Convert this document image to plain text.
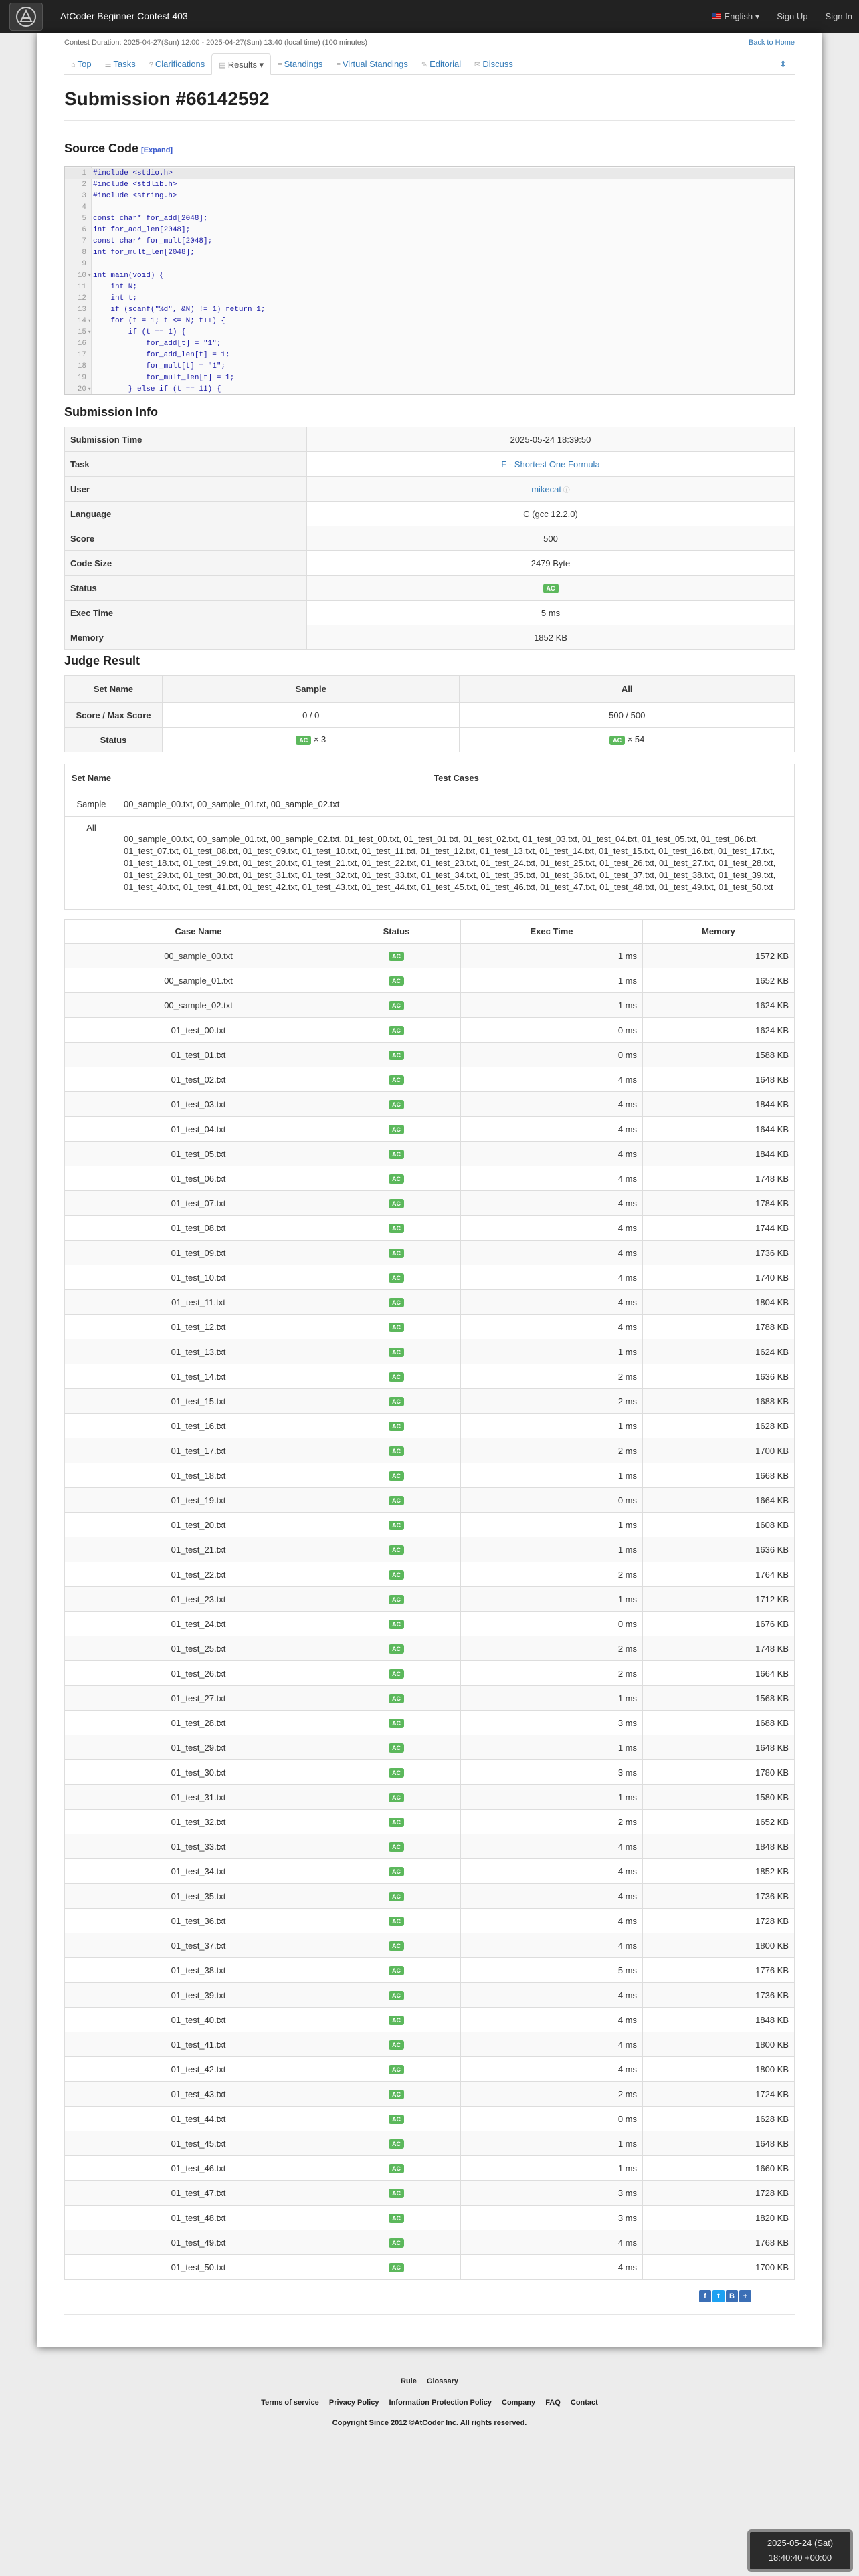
AtCoder Beginner Contest 403	English ▾ Sign Up Sign In
Contest Duration: 2025-04-27(Sun) 12:00 - 2025-04-27(Sun) 13:40 (local time) (100 minutes)	Back to Home
⌂ Top	☰ Tasks	? Clarifications	▤ Results ▾	≡ Standings	≡ Virtual Standings	✎ Editorial	✉ Discuss	⇕
Submission #66142592
Source Code [Expand]
1 #include <stdio.h>
2 #include <stdlib.h>
3 #include <string.h>
4
5 const char* for_add[2048];
6 int for_add_len[2048];
7 const char* for_mult[2048];
8 int for_mult_len[2048];
9
10 ▾ int main(void) {
11 int N;
12 int t;
13 if (scanf("%d", &N) != 1) return 1;
14 ▾ for (t = 1; t <= N; t++) {
15 ▾ if (t == 1) {
16 for_add[t] = "1";
17 for_add_len[t] = 1;
18 for_mult[t] = "1";
19 for_mult_len[t] = 1;
20 ▾ } else if (t == 11) {
Submission Info
Submission Time	2025-05-24 18:39:50
Task	F - Shortest One Formula
User	mikecat ⓘ
Language	C (gcc 12.2.0)
Score	500
Code Size	2479 Byte
Status	AC
Exec Time	5 ms
Memory	1852 KB
Judge Result
Set Name	Sample	All
Score / Max Score	0 / 0	500 / 500
Status	AC × 3	AC × 54
Set Name	Test Cases
Sample	00_sample_00.txt, 00_sample_01.txt, 00_sample_02.txt
All	00_sample_00.txt, 00_sample_01.txt, 00_sample_02.txt, 01_test_00.txt, 01_test_01.txt, 01_test_02.txt, 01_test_03.txt, 01_test_04.txt, 01_test_05.txt, 01_test_06.txt, 01_test_07.txt, 01_test_08.txt, 01_test_09.txt, 01_test_10.txt, 01_test_11.txt, 01_test_12.txt, 01_test_13.txt, 01_test_14.txt, 01_test_15.txt, 01_test_16.txt, 01_test_17.txt, 01_test_18.txt, 01_test_19.txt, 01_test_20.txt, 01_test_21.txt, 01_test_22.txt, 01_test_23.txt, 01_test_24.txt, 01_test_25.txt, 01_test_26.txt, 01_test_27.txt, 01_test_28.txt, 01_test_29.txt, 01_test_30.txt, 01_test_31.txt, 01_test_32.txt, 01_test_33.txt, 01_test_34.txt, 01_test_35.txt, 01_test_36.txt, 01_test_37.txt, 01_test_38.txt, 01_test_39.txt, 01_test_40.txt, 01_test_41.txt, 01_test_42.txt, 01_test_43.txt, 01_test_44.txt, 01_test_45.txt, 01_test_46.txt, 01_test_47.txt, 01_test_48.txt, 01_test_49.txt, 01_test_50.txt
Case Name	Status	Exec Time	Memory
00_sample_00.txt	AC	1 ms	1572 KB
00_sample_01.txt	AC	1 ms	1652 KB
00_sample_02.txt	AC	1 ms	1624 KB
01_test_00.txt	AC	0 ms	1624 KB
01_test_01.txt	AC	0 ms	1588 KB
01_test_02.txt	AC	4 ms	1648 KB
01_test_03.txt	AC	4 ms	1844 KB
01_test_04.txt	AC	4 ms	1644 KB
01_test_05.txt	AC	4 ms	1844 KB
01_test_06.txt	AC	4 ms	1748 KB
01_test_07.txt	AC	4 ms	1784 KB
01_test_08.txt	AC	4 ms	1744 KB
01_test_09.txt	AC	4 ms	1736 KB
01_test_10.txt	AC	4 ms	1740 KB
01_test_11.txt	AC	4 ms	1804 KB
01_test_12.txt	AC	4 ms	1788 KB
01_test_13.txt	AC	1 ms	1624 KB
01_test_14.txt	AC	2 ms	1636 KB
01_test_15.txt	AC	2 ms	1688 KB
01_test_16.txt	AC	1 ms	1628 KB
01_test_17.txt	AC	2 ms	1700 KB
01_test_18.txt	AC	1 ms	1668 KB
01_test_19.txt	AC	0 ms	1664 KB
01_test_20.txt	AC	1 ms	1608 KB
01_test_21.txt	AC	1 ms	1636 KB
01_test_22.txt	AC	2 ms	1764 KB
01_test_23.txt	AC	1 ms	1712 KB
01_test_24.txt	AC	0 ms	1676 KB
01_test_25.txt	AC	2 ms	1748 KB
01_test_26.txt	AC	2 ms	1664 KB
01_test_27.txt	AC	1 ms	1568 KB
01_test_28.txt	AC	3 ms	1688 KB
01_test_29.txt	AC	1 ms	1648 KB
01_test_30.txt	AC	3 ms	1780 KB
01_test_31.txt	AC	1 ms	1580 KB
01_test_32.txt	AC	2 ms	1652 KB
01_test_33.txt	AC	4 ms	1848 KB
01_test_34.txt	AC	4 ms	1852 KB
01_test_35.txt	AC	4 ms	1736 KB
01_test_36.txt	AC	4 ms	1728 KB
01_test_37.txt	AC	4 ms	1800 KB
01_test_38.txt	AC	5 ms	1776 KB
01_test_39.txt	AC	4 ms	1736 KB
01_test_40.txt	AC	4 ms	1848 KB
01_test_41.txt	AC	4 ms	1800 KB
01_test_42.txt	AC	4 ms	1800 KB
01_test_43.txt	AC	2 ms	1724 KB
01_test_44.txt	AC	0 ms	1628 KB
01_test_45.txt	AC	1 ms	1648 KB
01_test_46.txt	AC	1 ms	1660 KB
01_test_47.txt	AC	3 ms	1728 KB
01_test_48.txt	AC	3 ms	1820 KB
01_test_49.txt	AC	4 ms	1768 KB
01_test_50.txt	AC	4 ms	1700 KB
f	t	B	+
Rule Glossary
Terms of service Privacy Policy Information Protection Policy Company FAQ Contact
Copyright Since 2012 ©AtCoder Inc. All rights reserved.
2025-05-24 (Sat)
18:40:40 +00:00
